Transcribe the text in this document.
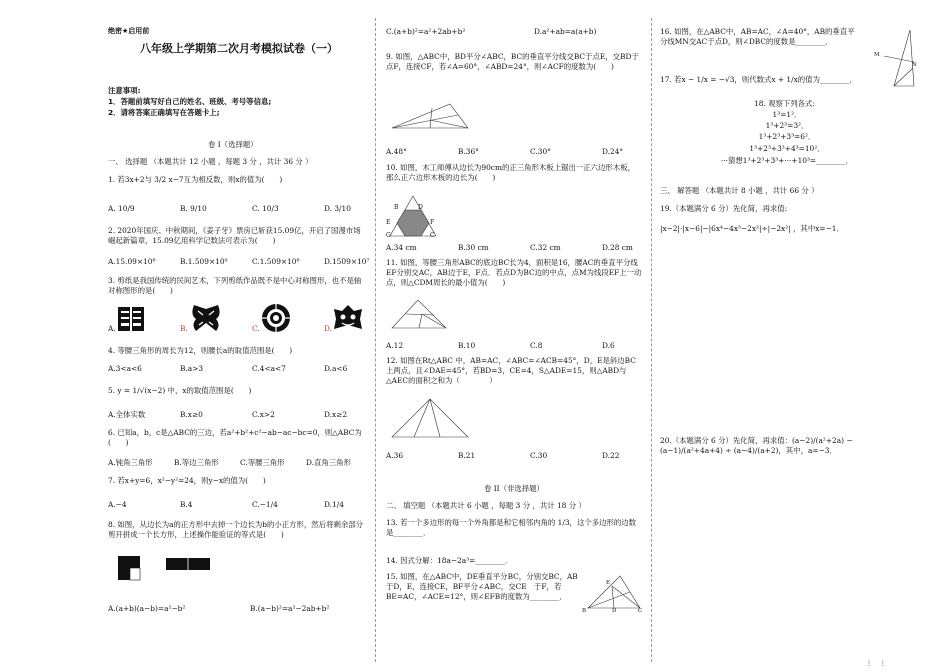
绝密★启用前
八年级上学期第二次月考模拟试卷（一）
注意事项:
1．答题前填写好自己的姓名、班级、考号等信息;
2．请将答案正确填写在答题卡上;
卷 I（选择题）
一、 选择题 （本题共计 12 小题 ，每题 3 分 ，共计 36 分 ）
1. 若3x+2与 3/2 x−7互为相反数，则x的值为(　　)
A. 10/9	B. 9/10	C. 10/3	D. 3/10
2. 2020年国庆、中秋期间，《姜子牙》票房已斩获15.09亿，开启了国漫市场崛起新篇章，15.09亿用科学记数法可表示为(　　)
A.15.09×10⁸	B.1.509×10⁹	C.1.509×10⁸	D.1509×10⁷
3. 剪纸是我国传统的民间艺术，下列剪纸作品既不是中心对称图形，也不是轴对称图形的是(　　)
A.	B.	C.	D.
4. 等腰三角形的周长为12，则腰长a的取值范围是(　　)
A.3<a<6	B.a>3	C.4<a<7	D.a<6
5. y = 1/√(x−2) 中，x的取值范围是(　　)
A.全体实数	B.x≥0	C.x>2	D.x≥2
6. 已知a，b，c是△ABC的三边，若a²+b²+c²−ab−ac−bc=0，则△ABC为(　　)
A.钝角三角形	B.等边三角形	C.等腰三角形	D.直角三角形
7. 若x+y=6，x²−y²=24，则y−x的值为(　　)
A.−4	B.4	C.−1/4	D.1/4
8. 如图，从边长为a的正方形中去掉一个边长为b的小正方形，然后将剩余部分剪开拼成一个长方形，上述操作能验证的等式是(　　)
A.(a+b)(a−b)=a²−b²	B.(a−b)²=a²−2ab+b²
C.(a+b)²=a²+2ab+b²	D.a²+ab=a(a+b)
9. 如图，△ABC中，BD平分∠ABC，BC的垂直平分线交BC于点E，交BD于点F，连接CF，若∠A=60°，∠ABD=24°，则∠ACF的度数为(　　)
A.48°	B.36°	C.30°	D.24°
10. 如图，木工师傅从边长为90cm的正三角形木板上锯出一正六边形木板，那么正六边形木板的边长为(　　)
B	D
E	F
G	C
A.34 cm	B.30 cm	C.32 cm	D.28 cm
11. 如图，等腰三角形ABC的底边BC长为4，面积是16，腰AC的垂直平分线EF分别交AC，AB边于E，F点．若点D为BC边的中点，点M为线段EF上一动点，则△CDM周长的最小值为(　　)
A.12	B.10	C.8	D.6
12. 如图在Rt△ABC 中，AB=AC，∠ABC=∠ACB=45°，D，E是斜边BC上两点，且∠DAE=45°，若BD=3，CE=4，S△ADE=15，则△ABD与△AEC的面积之和为（　　　　）
A.36	B.21	C.30	D.22
卷 II（非选择题）
二、 填空题 （本题共计 6 小题 ，每题 3 分 ，共计 18 分 ）
13. 若一个多边形的每一个外角都是和它相邻内角的 1/3，这个多边形的边数是________．
14. 因式分解：18a−2a³=________．
15. 如图，在△ABC中，DE垂直平分BC，分别交BC，AB于D，E，连接CE，BF平分∠ABC，交CE　于F，若BE=AC，∠ACE=12°，则∠EFB的度数为________．
E
B	D	C
16. 如图，在△ABC中，AB=AC，∠A=40°，AB的垂直平分线MN交AC于点D，则∠DBC的度数是________．
M
N
17. 若x − 1/x = −√3，则代数式x + 1/x的值为________．
18. 观察下列各式:
1³=1²．
1³+2³=3²．
1³+2³+3³=6²．
1³+2³+3³+4³=10²．
···猜想1³+2³+3³+···+10³=________．
三、 解答题 （本题共计 8 小题 ，共计 66 分 ）
19.（本题满分 6 分）先化简，再求值:
|x−2|·|x−6|−|6x⁴−4x³−2x²|÷|−2x²| ，其中x=−1．
20.（本题满分 6 分）先化简，再求值：(a−2)/(a²+2a) − (a−1)/(a²+4a+4) ÷ (a−4)/(a+2)，其中，a=−3．
⋮ ⋮
